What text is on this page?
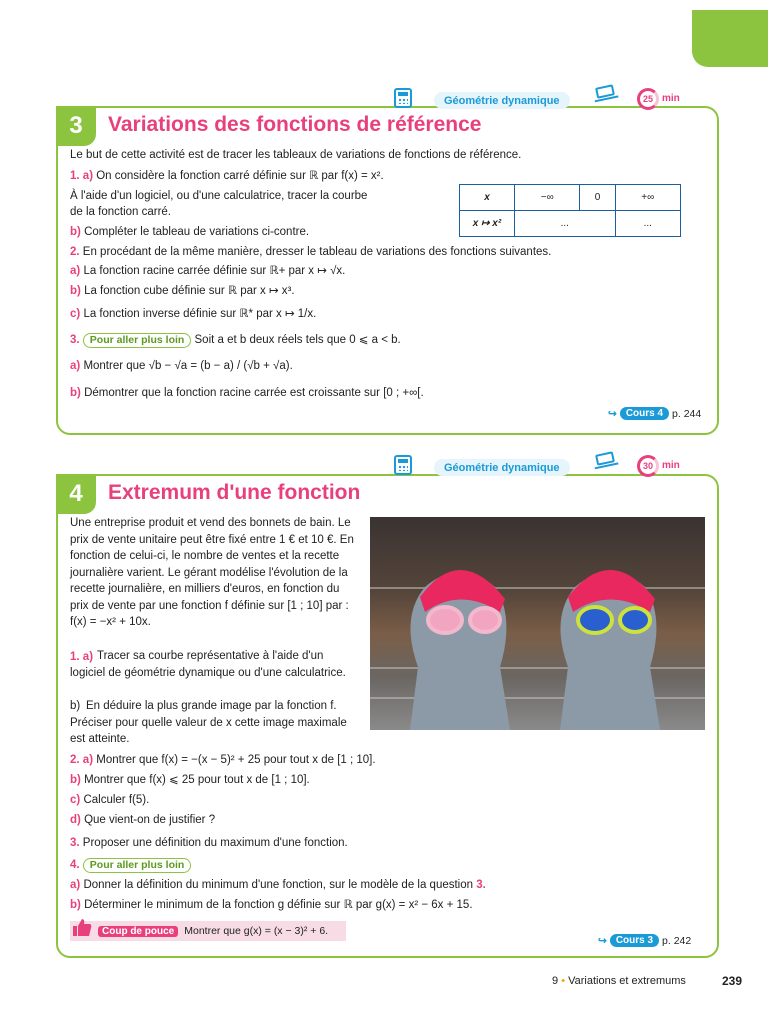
3	Variations des fonctions de référence
Géométrie dynamique	25 min
Le but de cette activité est de tracer les tableaux de variations de fonctions de référence.
1. a) On considère la fonction carré définie sur ℝ par f(x) = x².
À l'aide d'un logiciel, ou d'une calculatrice, tracer la courbe
de la fonction carré.
b) Compléter le tableau de variations ci-contre.
x	−∞	0	+∞
x ↦ x²	...		...
2. En procédant de la même manière, dresser le tableau de variations des fonctions suivantes.
a) La fonction racine carrée définie sur ℝ+ par x ↦ √x.
b) La fonction cube définie sur ℝ par x ↦ x³.
c) La fonction inverse définie sur ℝ* par x ↦ 1/x.
3. Pour aller plus loin Soit a et b deux réels tels que 0 ⩽ a < b.
a) Montrer que √b − √a = (b − a) / (√b + √a).
b) Démontrer que la fonction racine carrée est croissante sur [0 ; +∞[.
↪ Cours 4 p. 244
4	Extremum d'une fonction
Géométrie dynamique	30 min
Une entreprise produit et vend des bonnets de bain. Le prix de vente unitaire peut être fixé entre 1 € et 10 €. En fonction de celui-ci, le nombre de ventes et la recette journalière varient. Le gérant modélise l'évolution de la recette journalière, en milliers d'euros, en fonction du prix de vente par une fonction f définie sur [1 ; 10] par : f(x) = −x² + 10x.
1. a) Tracer sa courbe représentative à l'aide d'un logiciel de géométrie dynamique ou d'une calculatrice.
b) En déduire la plus grande image par la fonction f. Préciser pour quelle valeur de x cette image maximale est atteinte.
2. a) Montrer que f(x) = −(x − 5)² + 25 pour tout x de [1 ; 10].
b) Montrer que f(x) ⩽ 25 pour tout x de [1 ; 10].
c) Calculer f(5).
d) Que vient-on de justifier ?
3. Proposer une définition du maximum d'une fonction.
4. Pour aller plus loin
a) Donner la définition du minimum d'une fonction, sur le modèle de la question 3.
b) Déterminer le minimum de la fonction g définie sur ℝ par g(x) = x² − 6x + 15.
Coup de pouce Montrer que g(x) = (x − 3)² + 6.
↪ Cours 3 p. 242
9 • Variations et extremums	239
